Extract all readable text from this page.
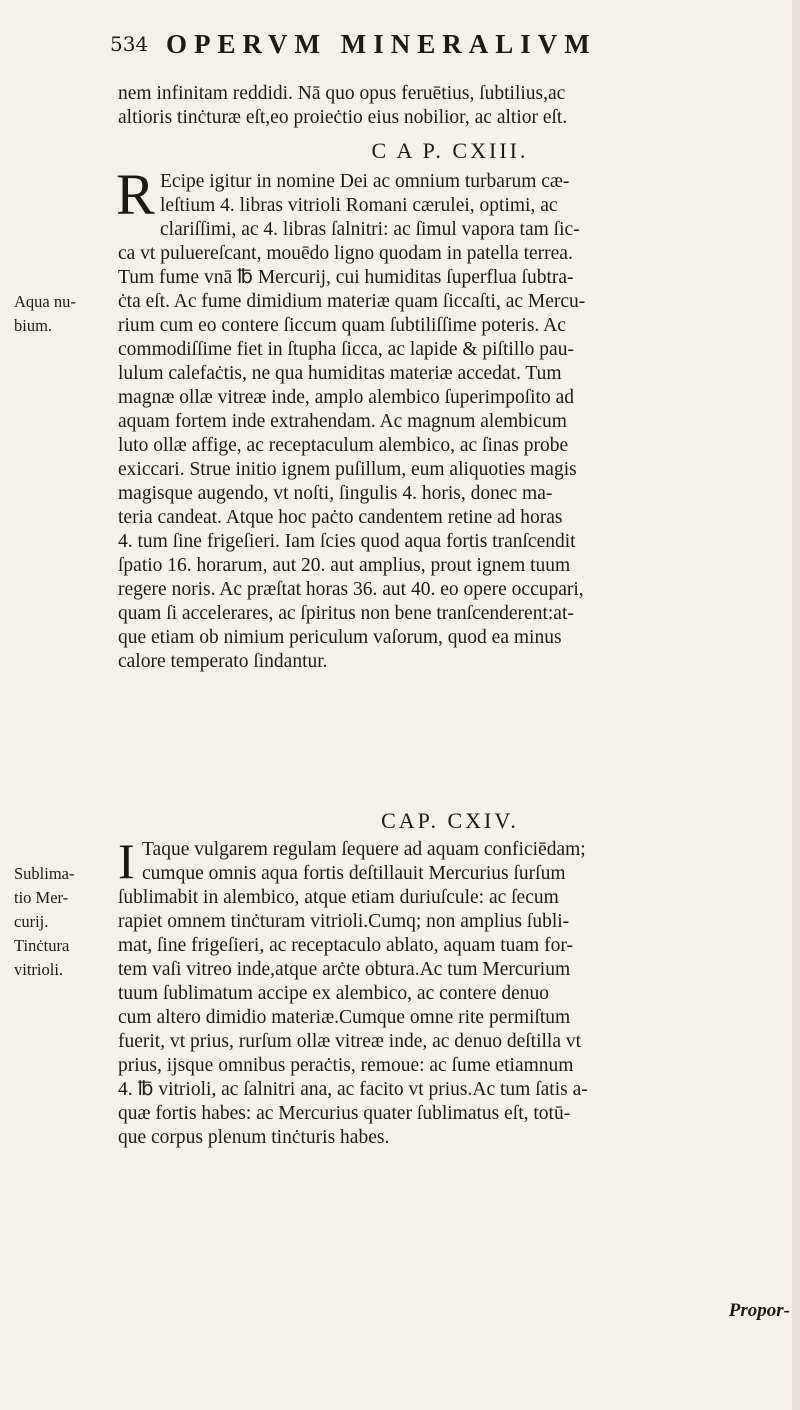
534 OPERVM MINERALIVM
nem infinitam reddidi. Nā quo opus feruētius, ſubtilius,ac
altioris tinċturæ eſt,eo proieċtio eius nobilior, ac altior eſt.
C A P. CXIII.
R Ecipe igitur in nomine Dei ac omnium turbarum cæ-
leſtium 4. libras vitrioli Romani cærulei, optimi, ac
clariſſimi, ac 4. libras ſalnitri: ac ſimul vapora tam ſic-
ca vt puluereſcant, mouēdo ligno quodam in patella terrea.
Tum fume vnā ℔ Mercurij, cui humiditas ſuperflua ſubtra-
ċta eſt. Ac fume dimidium materiæ quam ſiccaſti, ac Mercu-
rium cum eo contere ſiccum quam ſubtiliſſime poteris. Ac
commodiſſime fiet in ſtupha ſicca, ac lapide & piſtillo pau-
lulum calefaċtis, ne qua humiditas materiæ accedat. Tum
magnæ ollæ vitreæ inde, amplo alembico ſuperimpoſito ad
aquam fortem inde extrahendam. Ac magnum alembicum
luto ollæ affige, ac receptaculum alembico, ac ſinas probe
exiccari. Strue initio ignem puſillum, eum aliquoties magis
magisque augendo, vt noſti, ſingulis 4. horis, donec ma-
teria candeat. Atque hoc paċto candentem retine ad horas
4. tum ſine frigeſieri. Iam ſcies quod aqua fortis tranſcendit
ſpatio 16. horarum, aut 20. aut amplius, prout ignem tuum
regere noris. Ac præſtat horas 36. aut 40. eo opere occupari,
quam ſi accelerares, ac ſpiritus non bene tranſcenderent:at-
que etiam ob nimium periculum vaſorum, quod ea minus
calore temperato ſindantur.
Aqua nu-
bium.
CAP. CXIV.
I Taque vulgarem regulam ſequere ad aquam conficiēdam;
cumque omnis aqua fortis deſtillauit Mercurius ſurſum
ſublimabit in alembico, atque etiam duriuſcule: ac ſecum
rapiet omnem tinċturam vitrioli.Cumq; non amplius ſubli-
mat, ſine frigeſieri, ac receptaculo ablato, aquam tuam for-
tem vaſi vitreo inde,atque arċte obtura.Ac tum Mercurium
tuum ſublimatum accipe ex alembico, ac contere denuo
cum altero dimidio materiæ.Cumque omne rite permiſtum
fuerit, vt prius, rurſum ollæ vitreæ inde, ac denuo deſtilla vt
prius, ijsque omnibus peraċtis, remoue: ac ſume etiamnum
4. ℔ vitrioli, ac ſalnitri ana, ac facito vt prius.Ac tum ſatis a-
quæ fortis habes: ac Mercurius quater ſublimatus eſt, totū-
que corpus plenum tinċturis habes.
Sublima-
tio Mer-
curij.
Tinċtura
vitrioli.
Propor-
